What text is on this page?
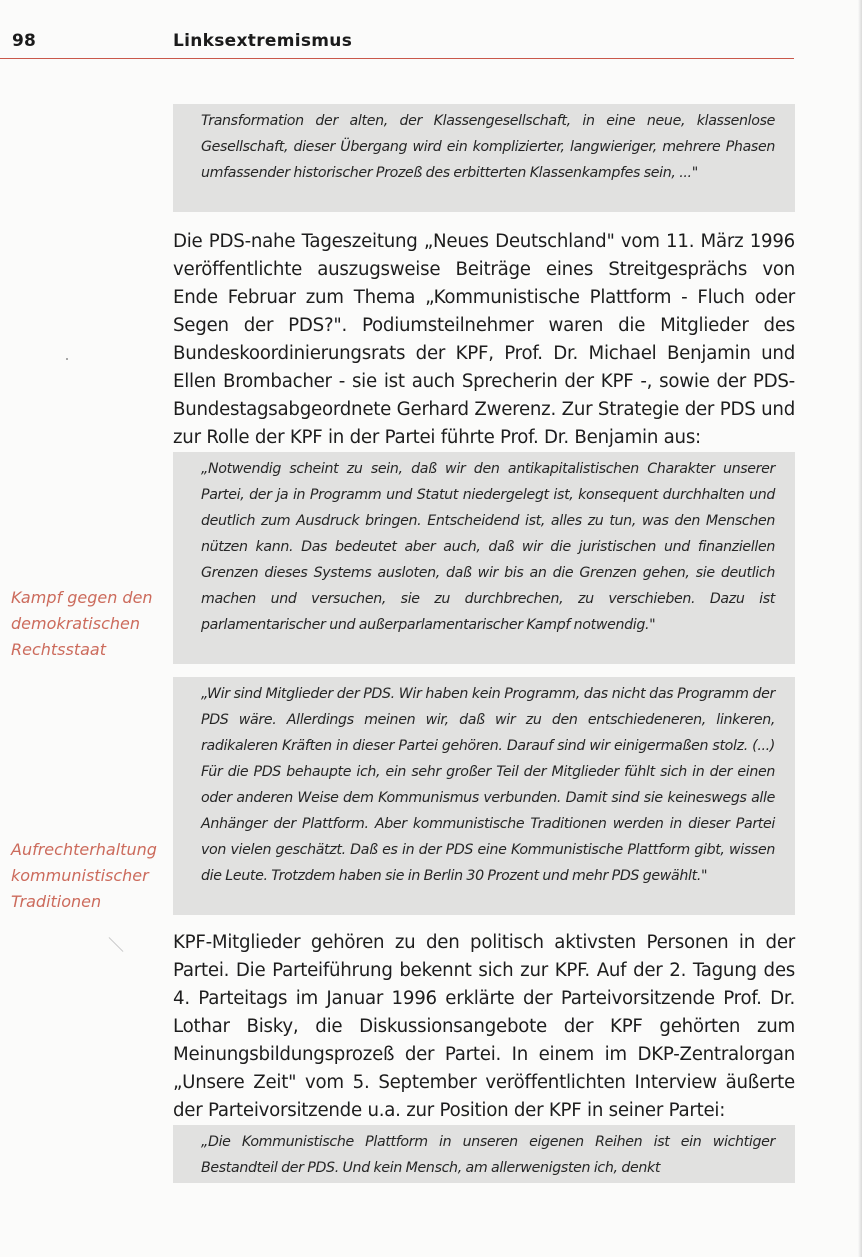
98	Linksextremismus

Transformation der alten, der Klassengesellschaft, in eine neue, klassenlose Gesellschaft, dieser Übergang wird ein komplizierter, langwieriger, mehrere Phasen umfassender historischer Prozeß des erbitterten Klassenkampfes sein, ..."

Die PDS-nahe Tageszeitung „Neues Deutschland" vom 11. März 1996 veröffentlichte auszugsweise Beiträge eines Streitgesprächs von Ende Februar zum Thema „Kommunistische Plattform - Fluch oder Segen der PDS?". Podiumsteilnehmer waren die Mitglieder des Bundeskoordinierungsrats der KPF, Prof. Dr. Michael Benjamin und Ellen Brombacher - sie ist auch Sprecherin der KPF -, sowie der PDS-Bundestagsabgeordnete Gerhard Zwerenz. Zur Strategie der PDS und zur Rolle der KPF in der Partei führte Prof. Dr. Benjamin aus:

„Notwendig scheint zu sein, daß wir den antikapitalistischen Charakter unserer Partei, der ja in Programm und Statut niedergelegt ist, konsequent durchhalten und deutlich zum Ausdruck bringen. Entscheidend ist, alles zu tun, was den Menschen nützen kann. Das bedeutet aber auch, daß wir die juristischen und finanziellen Grenzen dieses Systems ausloten, daß wir bis an die Grenzen gehen, sie deutlich machen und versuchen, sie zu durchbrechen, zu verschieben. Dazu ist parlamentarischer und außerparlamentarischer Kampf notwendig."

Kampf gegen den
demokratischen
Rechtsstaat

„Wir sind Mitglieder der PDS. Wir haben kein Programm, das nicht das Programm der PDS wäre. Allerdings meinen wir, daß wir zu den entschiedeneren, linkeren, radikaleren Kräften in dieser Partei gehören. Darauf sind wir einigermaßen stolz. (...) Für die PDS behaupte ich, ein sehr großer Teil der Mitglieder fühlt sich in der einen oder anderen Weise dem Kommunismus verbunden. Damit sind sie keineswegs alle Anhänger der Plattform. Aber kommunistische Traditionen werden in dieser Partei von vielen geschätzt. Daß es in der PDS eine Kommunistische Plattform gibt, wissen die Leute. Trotzdem haben sie in Berlin 30 Prozent und mehr PDS gewählt."

Aufrechterhaltung
kommunistischer
Traditionen

KPF-Mitglieder gehören zu den politisch aktivsten Personen in der Partei. Die Parteiführung bekennt sich zur KPF. Auf der 2. Tagung des 4. Parteitags im Januar 1996 erklärte der Parteivorsitzende Prof. Dr. Lothar Bisky, die Diskussionsangebote der KPF gehörten zum Meinungsbildungsprozeß der Partei. In einem im DKP-Zentralorgan „Unsere Zeit" vom 5. September veröffentlichten Interview äußerte der Parteivorsitzende u.a. zur Position der KPF in seiner Partei:

„Die Kommunistische Plattform in unseren eigenen Reihen ist ein wichtiger Bestandteil der PDS. Und kein Mensch, am allerwenigsten ich, denkt
